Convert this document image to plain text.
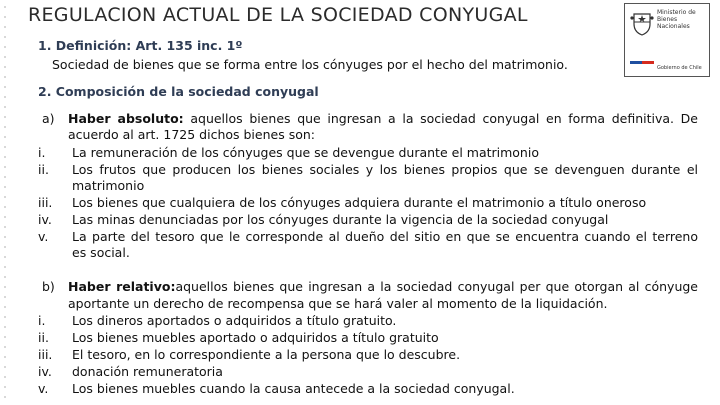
REGULACION ACTUAL DE LA SOCIEDAD CONYUGAL	Ministerio de
Bienes
Nacionales
Gobierno de Chile
1. Definición: Art. 135 inc. 1º
Sociedad de bienes que se forma entre los cónyuges por el hecho del matrimonio.
2. Composición de la sociedad conyugal
a) Haber absoluto: aquellos bienes que ingresan a la sociedad conyugal en forma definitiva. De
acuerdo al art. 1725 dichos bienes son:
i. La remuneración de los cónyuges que se devengue durante el matrimonio
ii. Los frutos que producen los bienes sociales y los bienes propios que se devenguen durante el
matrimonio
iii. Los bienes que cualquiera de los cónyuges adquiera durante el matrimonio a título oneroso
iv. Las minas denunciadas por los cónyuges durante la vigencia de la sociedad conyugal
v. La parte del tesoro que le corresponde al dueño del sitio en que se encuentra cuando el terreno
es social.
b) Haber relativo:aquellos bienes que ingresan a la sociedad conyugal per que otorgan al cónyuge
aportante un derecho de recompensa que se hará valer al momento de la liquidación.
i. Los dineros aportados o adquiridos a título gratuito.
ii. Los bienes muebles aportado o adquiridos a título gratuito
iii. El tesoro, en lo correspondiente a la persona que lo descubre.
iv. donación remuneratoria
v. Los bienes muebles cuando la causa antecede a la sociedad conyugal.
